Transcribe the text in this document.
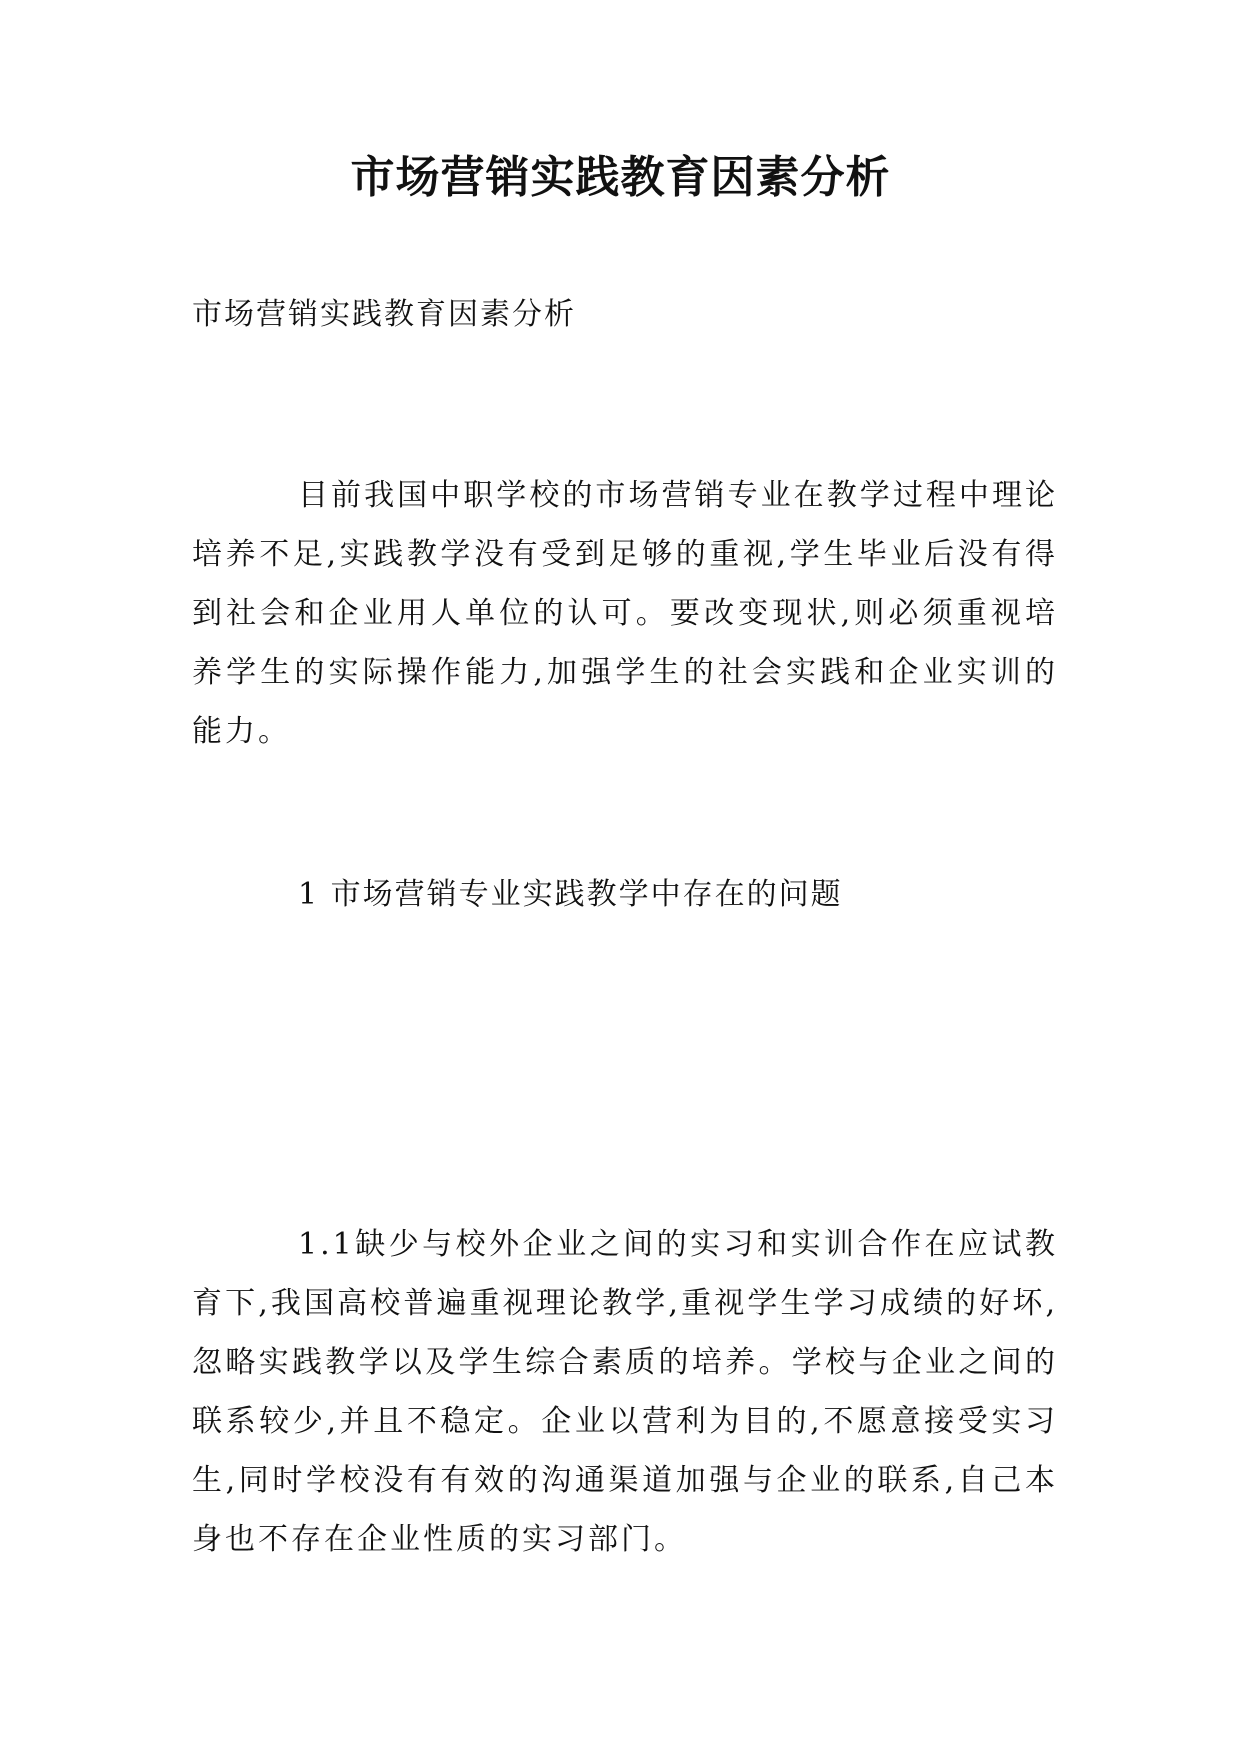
市场营销实践教育因素分析

市场营销实践教育因素分析

目前我国中职学校的市场营销专业在教学过程中理论培养不足,实践教学没有受到足够的重视,学生毕业后没有得到社会和企业用人单位的认可。要改变现状,则必须重视培养学生的实际操作能力,加强学生的社会实践和企业实训的能力。

1 市场营销专业实践教学中存在的问题

1.1缺少与校外企业之间的实习和实训合作在应试教育下,我国高校普遍重视理论教学,重视学生学习成绩的好坏,忽略实践教学以及学生综合素质的培养。学校与企业之间的联系较少,并且不稳定。企业以营利为目的,不愿意接受实习生,同时学校没有有效的沟通渠道加强与企业的联系,自己本身也不存在企业性质的实习部门。
